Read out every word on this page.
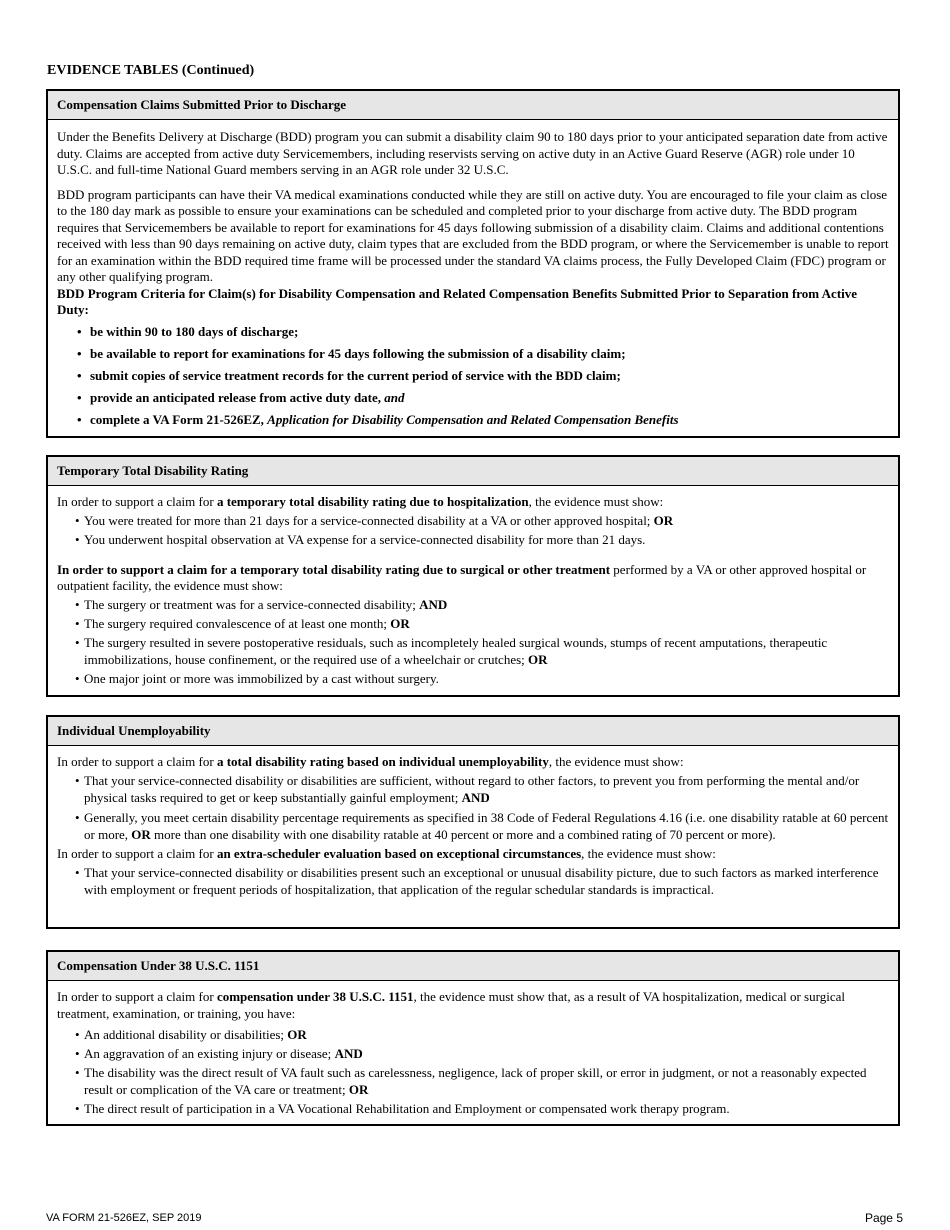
EVIDENCE TABLES (Continued)
Compensation Claims Submitted Prior to Discharge

Under the Benefits Delivery at Discharge (BDD) program you can submit a disability claim 90 to 180 days prior to your anticipated separation date from active duty. Claims are accepted from active duty Servicemembers, including reservists serving on active duty in an Active Guard Reserve (AGR) role under 10 U.S.C. and full-time National Guard members serving in an AGR role under 32 U.S.C.

BDD program participants can have their VA medical examinations conducted while they are still on active duty. You are encouraged to file your claim as close to the 180 day mark as possible to ensure your examinations can be scheduled and completed prior to your discharge from active duty. The BDD program requires that Servicemembers be available to report for examinations for 45 days following submission of a disability claim. Claims and additional contentions received with less than 90 days remaining on active duty, claim types that are excluded from the BDD program, or where the Servicemember is unable to report for an examination within the BDD required time frame will be processed under the standard VA claims process, the Fully Developed Claim (FDC) program or any other qualifying program.

BDD Program Criteria for Claim(s) for Disability Compensation and Related Compensation Benefits Submitted Prior to Separation from Active Duty:

• be within 90 to 180 days of discharge;
• be available to report for examinations for 45 days following the submission of a disability claim;
• submit copies of service treatment records for the current period of service with the BDD claim;
• provide an anticipated release from active duty date, and
• complete a VA Form 21-526EZ, Application for Disability Compensation and Related Compensation Benefits
Temporary Total Disability Rating

In order to support a claim for a temporary total disability rating due to hospitalization, the evidence must show:

• You were treated for more than 21 days for a service-connected disability at a VA or other approved hospital; OR
• You underwent hospital observation at VA expense for a service-connected disability for more than 21 days.

In order to support a claim for a temporary total disability rating due to surgical or other treatment performed by a VA or other approved hospital or outpatient facility, the evidence must show:

• The surgery or treatment was for a service-connected disability; AND
• The surgery required convalescence of at least one month; OR
• The surgery resulted in severe postoperative residuals, such as incompletely healed surgical wounds, stumps of recent amputations, therapeutic immobilizations, house confinement, or the required use of a wheelchair or crutches; OR
• One major joint or more was immobilized by a cast without surgery.
Individual Unemployability

In order to support a claim for a total disability rating based on individual unemployability, the evidence must show:

• That your service-connected disability or disabilities are sufficient, without regard to other factors, to prevent you from performing the mental and/or physical tasks required to get or keep substantially gainful employment; AND
• Generally, you meet certain disability percentage requirements as specified in 38 Code of Federal Regulations 4.16 (i.e. one disability ratable at 60 percent or more, OR more than one disability with one disability ratable at 40 percent or more and a combined rating of 70 percent or more).

In order to support a claim for an extra-scheduler evaluation based on exceptional circumstances, the evidence must show:

• That your service-connected disability or disabilities present such an exceptional or unusual disability picture, due to such factors as marked interference with employment or frequent periods of hospitalization, that application of the regular schedular standards is impractical.
Compensation Under 38 U.S.C. 1151

In order to support a claim for compensation under 38 U.S.C. 1151, the evidence must show that, as a result of VA hospitalization, medical or surgical treatment, examination, or training, you have:

• An additional disability or disabilities; OR
• An aggravation of an existing injury or disease; AND
• The disability was the direct result of VA fault such as carelessness, negligence, lack of proper skill, or error in judgment, or not a reasonably expected result or complication of the VA care or treatment; OR
• The direct result of participation in a VA Vocational Rehabilitation and Employment or compensated work therapy program.
VA FORM 21-526EZ, SEP 2019	Page 5
